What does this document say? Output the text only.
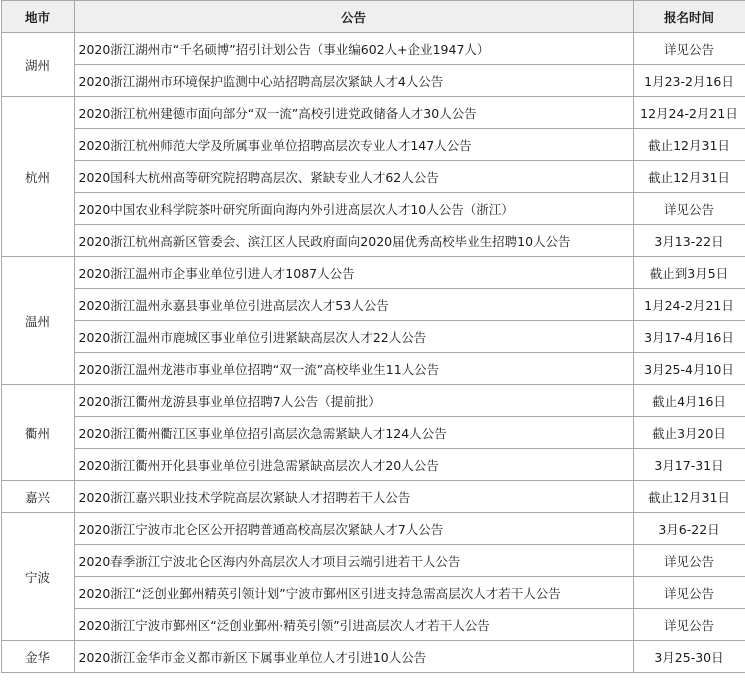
地市	公告	报名时间
湖州	2020浙江湖州市“千名硕博”招引计划公告（事业编602人+企业1947人）	详见公告
	2020浙江湖州市环境保护监测中心站招聘高层次紧缺人才4人公告	1月23-2月16日
杭州	2020浙江杭州建德市面向部分“双一流”高校引进党政储备人才30人公告	12月24-2月21日
	2020浙江杭州师范大学及所属事业单位招聘高层次专业人才147人公告	截止12月31日
	2020国科大杭州高等研究院招聘高层次、紧缺专业人才62人公告	截止12月31日
	2020中国农业科学院茶叶研究所面向海内外引进高层次人才10人公告（浙江）	详见公告
	2020浙江杭州高新区管委会、滨江区人民政府面向2020届优秀高校毕业生招聘10人公告	3月13-22日
温州	2020浙江温州市企事业单位引进人才1087人公告	截止到3月5日
	2020浙江温州永嘉县事业单位引进高层次人才53人公告	1月24-2月21日
	2020浙江温州市鹿城区事业单位引进紧缺高层次人才22人公告	3月17-4月16日
	2020浙江温州龙港市事业单位招聘“双一流”高校毕业生11人公告	3月25-4月10日
衢州	2020浙江衢州龙游县事业单位招聘7人公告（提前批）	截止4月16日
	2020浙江衢州衢江区事业单位招引高层次急需紧缺人才124人公告	截止3月20日
	2020浙江衢州开化县事业单位引进急需紧缺高层次人才20人公告	3月17-31日
嘉兴	2020浙江嘉兴职业技术学院高层次紧缺人才招聘若干人公告	截止12月31日
宁波	2020浙江宁波市北仑区公开招聘普通高校高层次紧缺人才7人公告	3月6-22日
	2020春季浙江宁波北仑区海内外高层次人才项目云端引进若干人公告	详见公告
	2020浙江“泛创业鄞州精英引领计划”宁波市鄞州区引进支持急需高层次人才若干人公告	详见公告
	2020浙江宁波市鄞州区“泛创业鄞州·精英引领”引进高层次人才若干人公告	详见公告
金华	2020浙江金华市金义都市新区下属事业单位人才引进10人公告	3月25-30日
